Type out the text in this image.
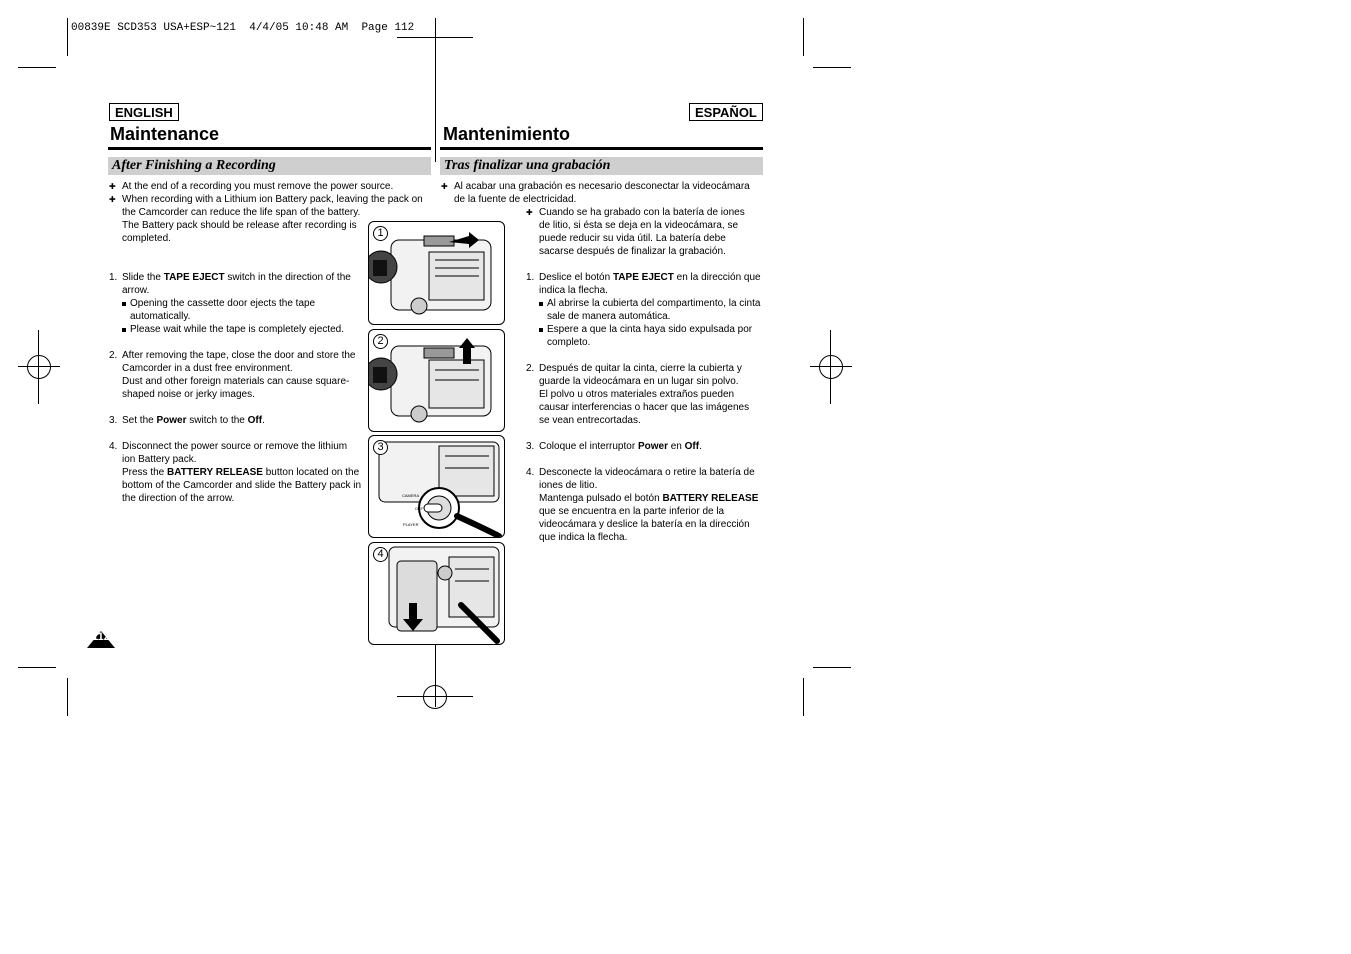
00839E SCD353 USA+ESP~121  4/4/05 10:48 AM  Page 112
ENGLISH	ESPAÑOL
Maintenance	Mantenimiento
After Finishing a Recording	Tras finalizar una grabación

✚ At the end of a recording you must remove the power source.

✚ When recording with a Lithium ion Battery pack, leaving the pack on the Camcorder can reduce the life span of the battery.

The Battery pack should be release after recording is completed.

1. Slide the TAPE EJECT switch in the direction of the arrow.

Opening the cassette door ejects the tape automatically.

Please wait while the tape is completely ejected.

2. After removing the tape, close the door and store the Camcorder in a dust free environment.

Dust and other foreign materials can cause square-shaped noise or jerky images.

3. Set the Power switch to the Off.

4. Disconnect the power source or remove the lithium ion Battery pack.

Press the BATTERY RELEASE button located on the bottom of the Camcorder and slide the Battery pack in the direction of the arrow.

✚ Al acabar una grabación es necesario desconectar la videocámara de la fuente de electricidad.

✚ Cuando se ha grabado con la batería de iones de litio, si ésta se deja en la videocámara, se puede reducir su vida útil. La batería debe sacarse después de finalizar la grabación.

1. Deslice el botón TAPE EJECT en la dirección que indica la flecha.

Al abrirse la cubierta del compartimento, la cinta sale de manera automática.

Espere a que la cinta haya sido expulsada por completo.

2. Después de quitar la cinta, cierre la cubierta y guarde la videocámara en un lugar sin polvo.

El polvo u otros materiales extraños pueden causar interferencias o hacer que las imágenes se vean entrecortadas.

3. Coloque el interruptor Power en Off.

4. Desconecte la videocámara o retire la batería de iones de litio.

Mantenga pulsado el botón BATTERY RELEASE que se encuentra en la parte inferior de la videocámara y deslice la batería en la dirección que indica la flecha.

1
2
CAMERA
OFF
PLAYER
3
4
112
